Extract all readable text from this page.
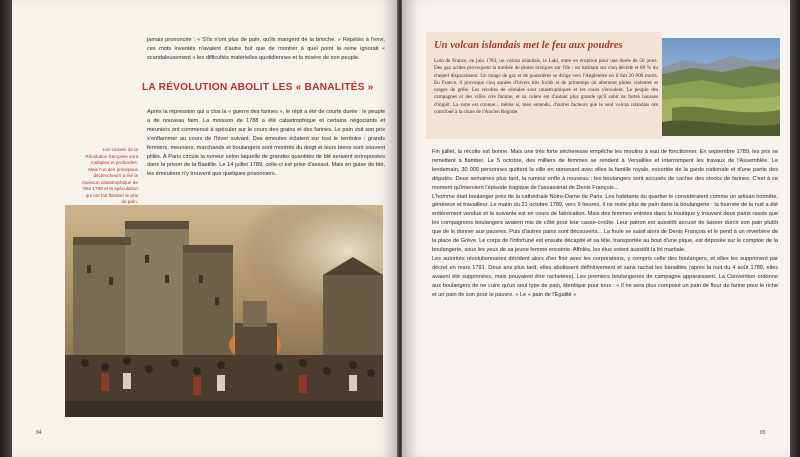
jamais prononcée : « S'ils n'ont plus de pain, qu'ils mangent de la brioche. » Répétés à l'envi, ces mots inventés n'avaient d'autre but que de montrer à quel point la reine ignorait « scandaleusement » les difficultés matérielles quotidiennes et la misère de son peuple.

LA RÉVOLUTION ABOLIT LES « BANALITÉS »

Après la répression qui a clos la « guerre des farines », le répit a été de courte durée : le peuple a de nouveau faim. La moisson de 1788 a été catastrophique et certains négociants et meuniers ont commencé à spéculer sur le cours des grains et des farines. Le pain voit son prix s'enflammer au cours de l'hiver suivant. Des émeutes éclatent sur tout le territoire : grands fermiers, meuniers, marchands et boulangers sont montrés du doigt et leurs biens sont souvent pillés. À Paris circule la rumeur selon laquelle de grandes quantités de blé seraient entreposées dans la prison de la Bastille. Le 14 juillet 1789, celle-ci est prise d'assaut. Mais en guise de blé, les émeutiers n'y trouvent que quelques prisonniers.

Les causes de la Révolution française sont multiples et profondes. Mais l'un des principaux déclencheurs a été la moisson catastrophique de l'été 1788 et la spéculation qui ont fait flamber le prix du pain.

84
Un volcan islandais met le feu aux poudres

Loin de France, en juin 1783, un volcan islandais, le Laki, entre en éruption pour une durée de 50 jours. Des gaz acides provoquent la tombée de pluies toxiques sur l'île : un habitant sur cinq décède et 80 % du cheptel disparaissent. Un nuage de gaz et de poussières se dirige vers l'Angleterre où il fait 20 000 morts. En France, il provoque cinq années d'hivers très froids et de printemps où alternent pluies violentes et orages de grêle. Les récoltes de céréales sont catastrophiques et les cours s'envolent. Le peuple des campagnes et des villes crie famine, et sa colère est d'autant plus grande qu'il subit de fortes hausses d'impôt. La suite est connue... même si, bien entendu, d'autres facteurs que le seul volcan islandais ont contribué à la chute de l'Ancien Régime.

Fin juillet, la récolte est bonne. Mais une très forte sécheresse empêche les moulins à eau de fonctionner. En septembre 1789, les prix se remettent à flamber. Le 5 octobre, des milliers de femmes se rendent à Versailles et interrompent les travaux de l'Assemblée. Le lendemain, 30 000 personnes quittent la ville en ramenant avec elles la famille royale, escortée de la garde nationale et d'une partie des députés. Deux semaines plus tard, la rumeur enfle à nouveau : les boulangers sont accusés de cacher des stocks de farines. C'est à ce moment qu'intervient l'épisode tragique de l'assassinat de Denis François...

L'homme était boulanger près de la cathédrale Notre-Dame de Paris. Les habitants du quartier le considéraient comme un artisan honnête, généreux et travailleur. Le matin du 21 octobre 1789, vers 9 heures, il ne reste plus de pain dans la boulangerie : la fournée de la nuit a été entièrement vendue et la suivante est en cours de fabrication. Mais des femmes entrées dans la boutique y trouvent deux pains rassis que les compagnons boulangers avaient mis de côté pour leur casse-croûte. Leur patron est aussitôt accusé de laisser durcir son pain plutôt que de le donner aux pauvres. Puis d'autres pains sont découverts... La foule se saisit alors de Denis François et le pend à un réverbère de la place de Grève. Le corps de l'infortuné est ensuite décapité et sa tête, transportée au bout d'une pique, est déposée sur le comptoir de la boulangerie, sous les yeux de sa jeune femme enceinte. Affolés, les élus votent aussitôt la loi martiale.

Les autorités révolutionnaires décident alors d'en finir avec les corporations, y compris celle des boulangers, et elles les suppriment par décret en mars 1791. Deux ans plus tard, elles abolissent définitivement et sans rachat les banalités (après la nuit du 4 août 1789, elles avaient été supprimées, mais pouvaient être rachetées). Les premiers boulangeries de campagne apparaissent. La Convention ordonne aux boulangers de ne cuire qu'un seul type de pain, identique pour tous : « Il ne sera plus composé un pain de fleur de farine pour le riche et un pain de son pour le pauvre. » Le « pain de l'Égalité »

85
